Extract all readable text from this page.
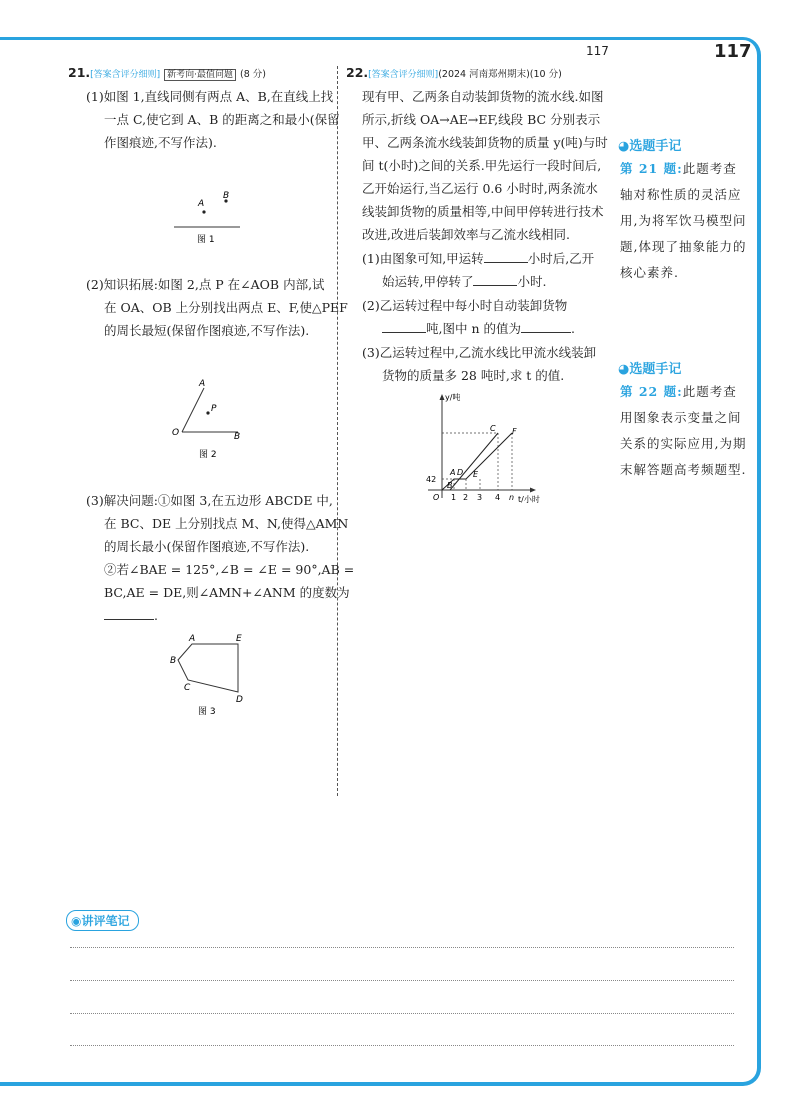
117	117
21.[答案含评分细则] 新考向·最值问题 (8 分)
(1)如图 1,直线同侧有两点 A、B,在直线上找
一点 C,使它到 A、B 的距离之和最小(保留
作图痕迹,不写作法).
A
B
图 1
(2)知识拓展:如图 2,点 P 在∠AOB 内部,试
在 OA、OB 上分别找出两点 E、F,使△PEF
的周长最短(保留作图痕迹,不写作法).
A
P
O	B
图 2
(3)解决问题:①如图 3,在五边形 ABCDE 中,
在 BC、DE 上分别找点 M、N,使得△AMN
的周长最小(保留作图痕迹,不写作法).
②若∠BAE = 125°,∠B = ∠E = 90°,AB =
BC,AE = DE,则∠AMN+∠ANM 的度数为
.
A	E
B
C
D
图 3
22.[答案含评分细则](2024 河南郑州期末)(10 分)
现有甲、乙两条自动装卸货物的流水线.如图
所示,折线 OA→AE→EF,线段 BC 分别表示
甲、乙两条流水线装卸货物的质量 y(吨)与时
间 t(小时)之间的关系.甲先运行一段时间后,
乙开始运行,当乙运行 0.6 小时时,两条流水
线装卸货物的质量相等,中间甲停转进行技术
改进,改进后装卸效率与乙流水线相同.
(1)由图象可知,甲运转	小时后,乙开
始运转,甲停转了	小时.
(2)乙运转过程中每小时自动装卸货物
吨,图中 n 的值为	.
(3)乙运转过程中,乙流水线比甲流水线装卸
货物的质量多 28 吨时,求 t 的值.
y/吨
t/小时
O
42
A D
B
E
C F
1 2 3 4 n
◕选题手记
第 21 题:此题考查轴对称性质的灵活应用,为将军饮马模型问题,体现了抽象能力的核心素养.
◕选题手记
第 22 题:此题考查用图象表示变量之间关系的实际应用,为期末解答题高考频题型.
◉讲评笔记
